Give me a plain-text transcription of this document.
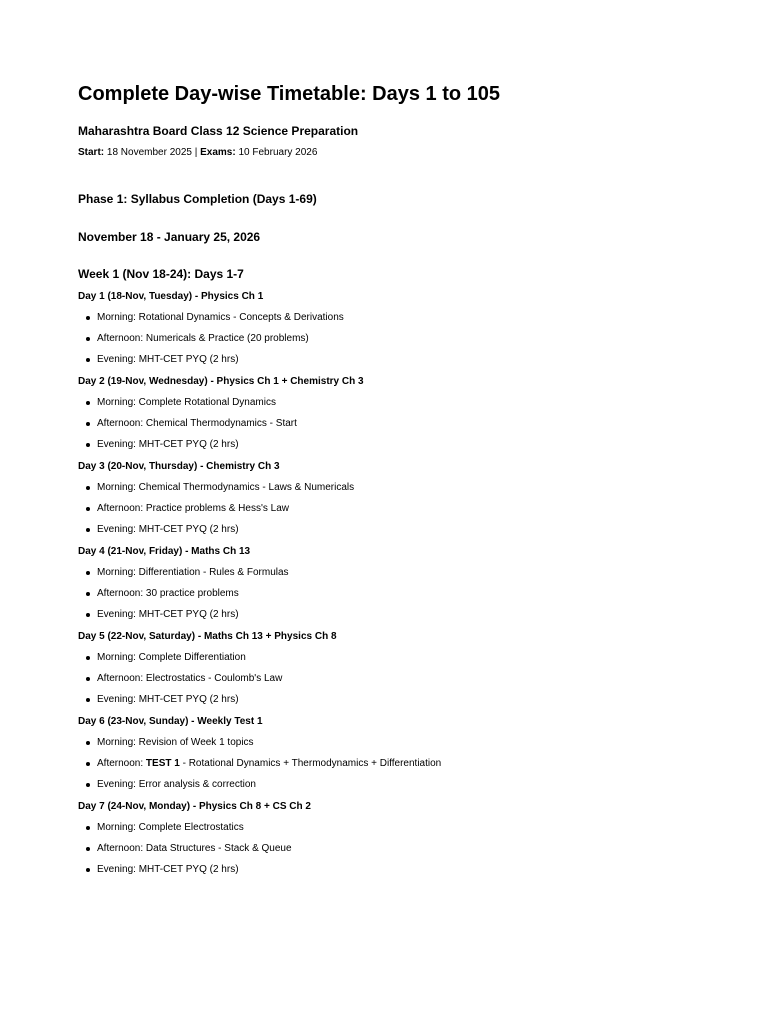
Complete Day-wise Timetable: Days 1 to 105

Maharashtra Board Class 12 Science Preparation

Start: 18 November 2025 | Exams: 10 February 2026

Phase 1: Syllabus Completion (Days 1-69)
November 18 - January 25, 2026
Week 1 (Nov 18-24): Days 1-7

Day 1 (18-Nov, Tuesday) - Physics Ch 1

Morning: Rotational Dynamics - Concepts & Derivations
Afternoon: Numericals & Practice (20 problems)
Evening: MHT-CET PYQ (2 hrs)

Day 2 (19-Nov, Wednesday) - Physics Ch 1 + Chemistry Ch 3

Morning: Complete Rotational Dynamics
Afternoon: Chemical Thermodynamics - Start
Evening: MHT-CET PYQ (2 hrs)

Day 3 (20-Nov, Thursday) - Chemistry Ch 3

Morning: Chemical Thermodynamics - Laws & Numericals
Afternoon: Practice problems & Hess's Law
Evening: MHT-CET PYQ (2 hrs)

Day 4 (21-Nov, Friday) - Maths Ch 13

Morning: Differentiation - Rules & Formulas
Afternoon: 30 practice problems
Evening: MHT-CET PYQ (2 hrs)

Day 5 (22-Nov, Saturday) - Maths Ch 13 + Physics Ch 8

Morning: Complete Differentiation
Afternoon: Electrostatics - Coulomb's Law
Evening: MHT-CET PYQ (2 hrs)

Day 6 (23-Nov, Sunday) - Weekly Test 1

Morning: Revision of Week 1 topics
Afternoon: TEST 1 - Rotational Dynamics + Thermodynamics + Differentiation
Evening: Error analysis & correction

Day 7 (24-Nov, Monday) - Physics Ch 8 + CS Ch 2

Morning: Complete Electrostatics
Afternoon: Data Structures - Stack & Queue
Evening: MHT-CET PYQ (2 hrs)
